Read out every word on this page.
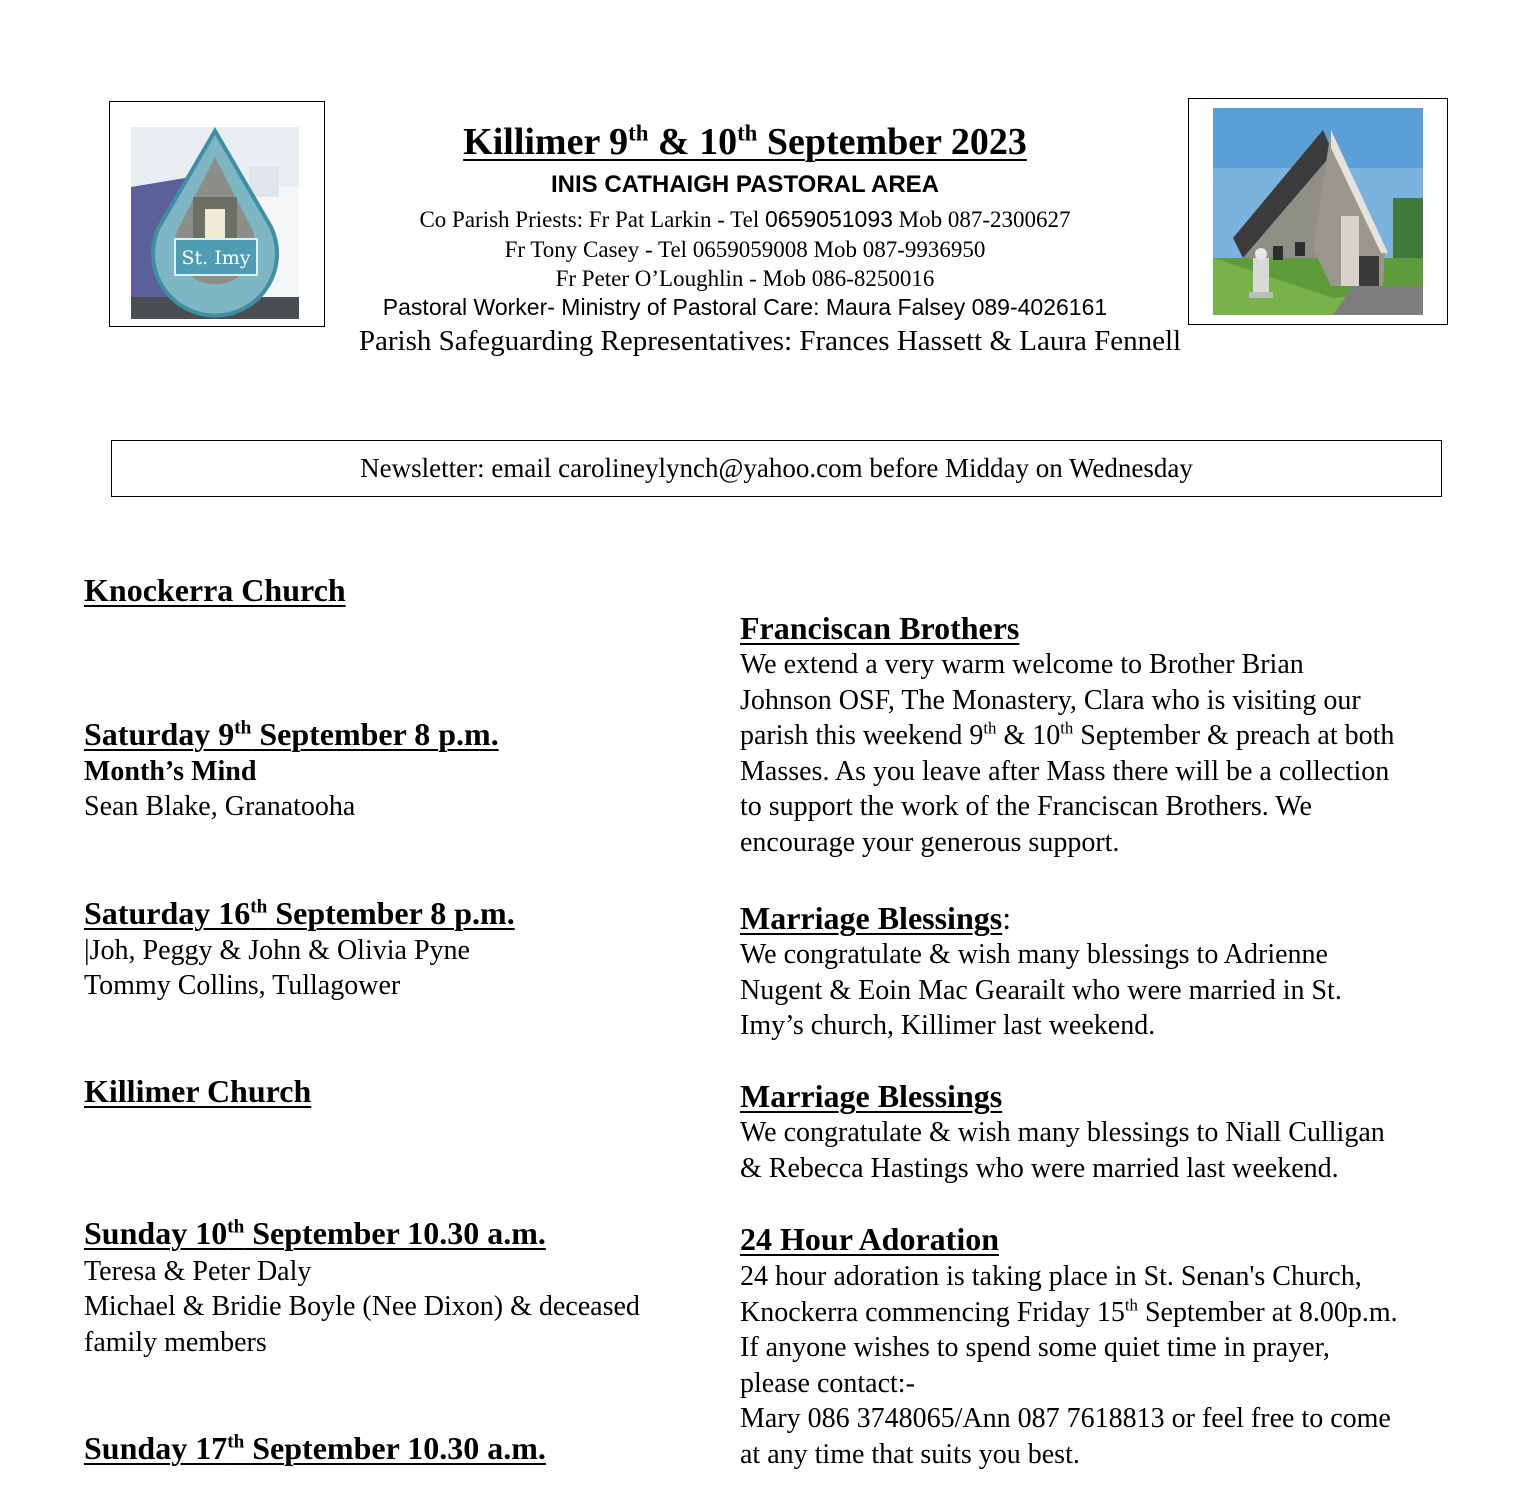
St. Imy
Killimer 9th & 10th September 2023
INIS CATHAIGH PASTORAL AREA
Co Parish Priests: Fr Pat Larkin - Tel 0659051093 Mob 087-2300627
Fr Tony Casey - Tel 0659059008 Mob 087-9936950
Fr Peter O’Loughlin - Mob 086-8250016
Pastoral Worker- Ministry of Pastoral Care: Maura Falsey 089-4026161
Parish Safeguarding Representatives: Frances Hassett & Laura Fennell
Newsletter: email carolineylynch@yahoo.com before Midday on Wednesday
Knockerra Church
Saturday 9th September 8 p.m.
Month’s Mind
Sean Blake, Granatooha
Saturday 16th September 8 p.m.
|Joh, Peggy & John & Olivia Pyne
Tommy Collins, Tullagower
Killimer Church
Sunday 10th September 10.30 a.m.
Teresa & Peter Daly
Michael & Bridie Boyle (Nee Dixon) & deceased
family members
Sunday 17th September 10.30 a.m.
Franciscan Brothers
We extend a very warm welcome to Brother Brian
Johnson OSF, The Monastery, Clara who is visiting our
parish this weekend 9th & 10th September & preach at both
Masses. As you leave after Mass there will be a collection
to support the work of the Franciscan Brothers. We
encourage your generous support.
Marriage Blessings:
We congratulate & wish many blessings to Adrienne
Nugent & Eoin Mac Gearailt who were married in St.
Imy’s church, Killimer last weekend.
Marriage Blessings
We congratulate & wish many blessings to Niall Culligan
& Rebecca Hastings who were married last weekend.
24 Hour Adoration
24 hour adoration is taking place in St. Senan's Church,
Knockerra commencing Friday 15th September at 8.00p.m.
If anyone wishes to spend some quiet time in prayer,
please contact:-
Mary 086 3748065/Ann 087 7618813 or feel free to come
at any time that suits you best.
